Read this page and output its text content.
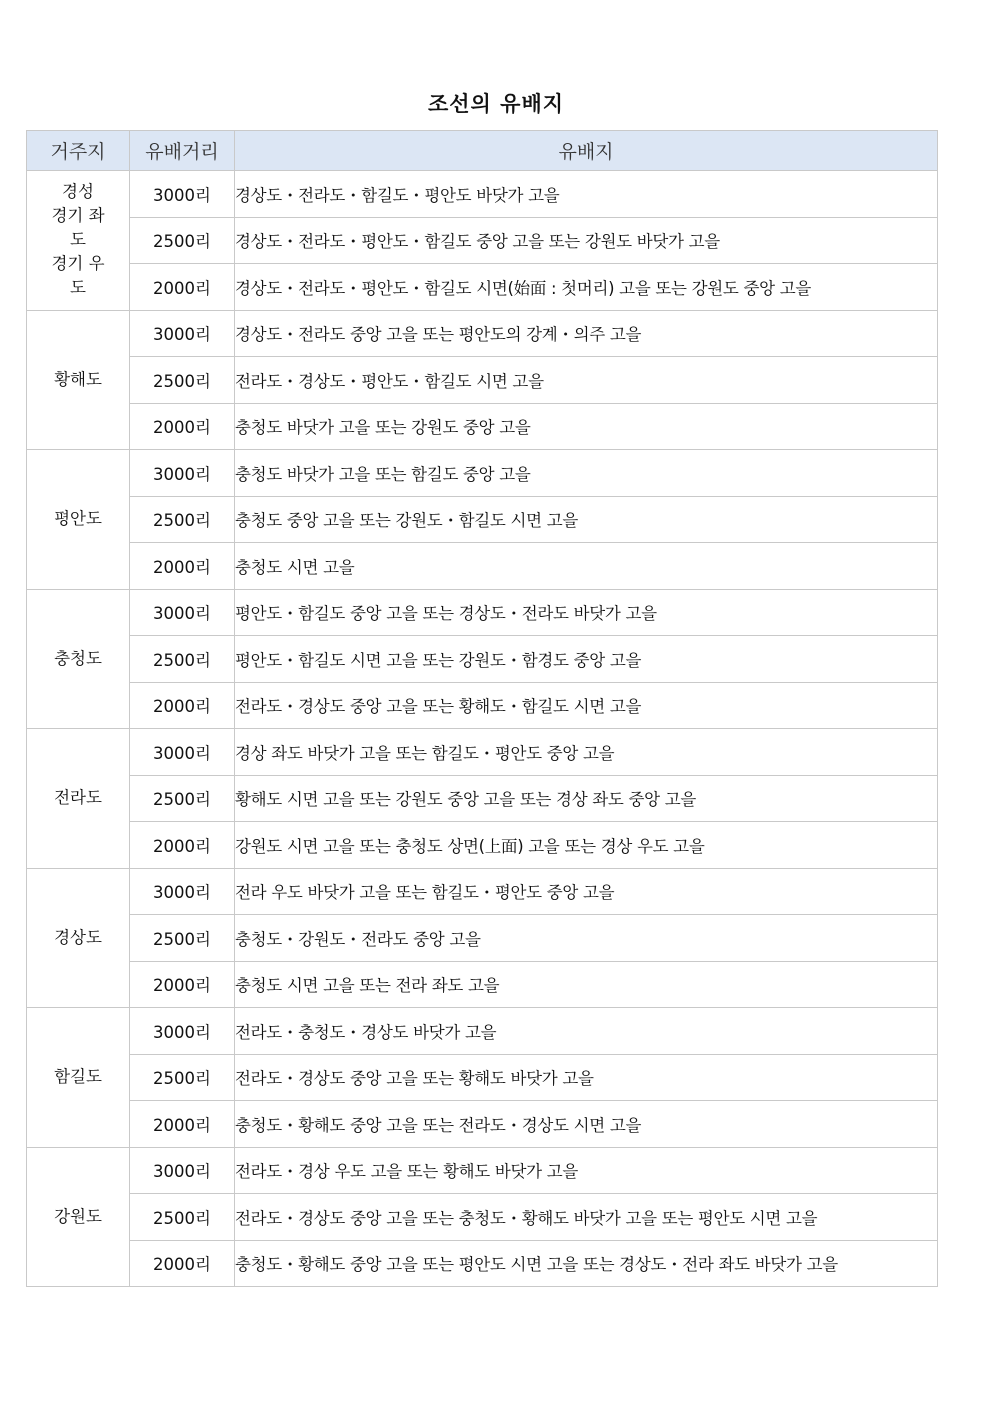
조선의 유배지
거주지	유배거리	유배지

경성
경기 좌
도
경기 우
도	3000리	경상도・전라도・함길도・평안도 바닷가 고을
	2500리	경상도・전라도・평안도・함길도 중앙 고을 또는 강원도 바닷가 고을
	2000리	경상도・전라도・평안도・함길도 시면(始面 : 첫머리) 고을 또는 강원도 중앙 고을

황해도	3000리	경상도・전라도 중앙 고을 또는 평안도의 강계・의주 고을
	2500리	전라도・경상도・평안도・함길도 시면 고을
	2000리	충청도 바닷가 고을 또는 강원도 중앙 고을

평안도	3000리	충청도 바닷가 고을 또는 함길도 중앙 고을
	2500리	충청도 중앙 고을 또는 강원도・함길도 시면 고을
	2000리	충청도 시면 고을

충청도	3000리	평안도・함길도 중앙 고을 또는 경상도・전라도 바닷가 고을
	2500리	평안도・함길도 시면 고을 또는 강원도・함경도 중앙 고을
	2000리	전라도・경상도 중앙 고을 또는 황해도・함길도 시면 고을

전라도	3000리	경상 좌도 바닷가 고을 또는 함길도・평안도 중앙 고을
	2500리	황해도 시면 고을 또는 강원도 중앙 고을 또는 경상 좌도 중앙 고을
	2000리	강원도 시면 고을 또는 충청도 상면(上面) 고을 또는 경상 우도 고을

경상도	3000리	전라 우도 바닷가 고을 또는 함길도・평안도 중앙 고을
	2500리	충청도・강원도・전라도 중앙 고을
	2000리	충청도 시면 고을 또는 전라 좌도 고을

함길도	3000리	전라도・충청도・경상도 바닷가 고을
	2500리	전라도・경상도 중앙 고을 또는 황해도 바닷가 고을
	2000리	충청도・황해도 중앙 고을 또는 전라도・경상도 시면 고을

강원도	3000리	전라도・경상 우도 고을 또는 황해도 바닷가 고을
	2500리	전라도・경상도 중앙 고을 또는 충청도・황해도 바닷가 고을 또는 평안도 시면 고을
	2000리	충청도・황해도 중앙 고을 또는 평안도 시면 고을 또는 경상도・전라 좌도 바닷가 고을
